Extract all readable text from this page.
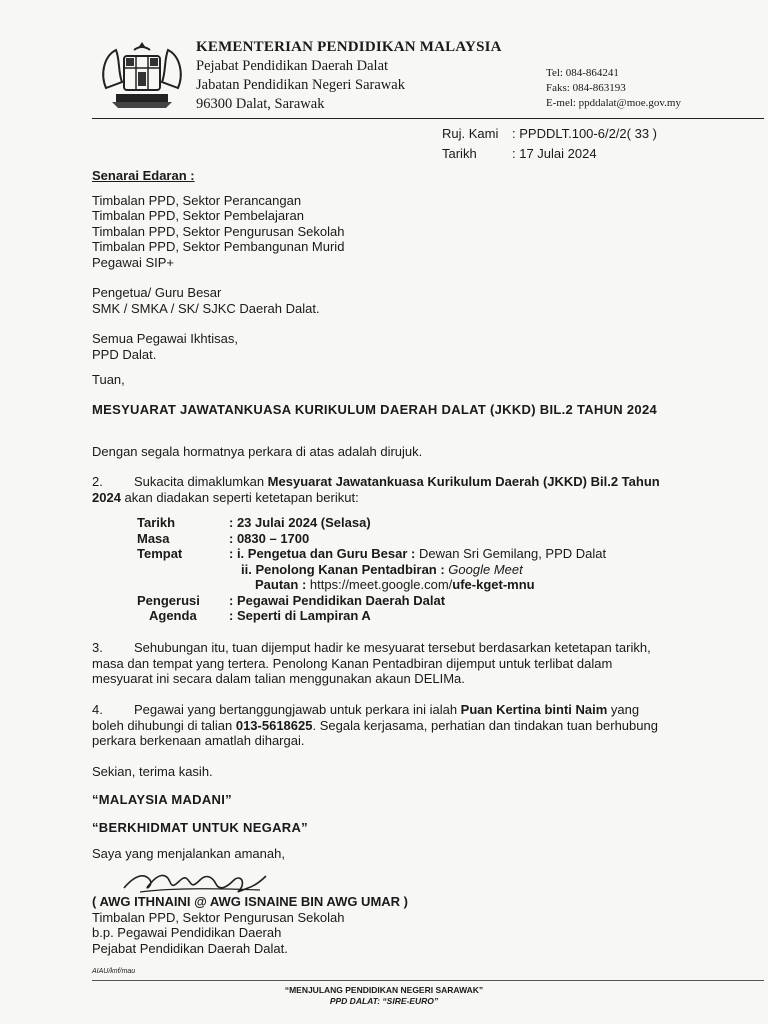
KEMENTERIAN PENDIDIKAN MALAYSIA
Pejabat Pendidikan Daerah Dalat
Jabatan Pendidikan Negeri Sarawak
96300 Dalat, Sarawak
Tel: 084-864241
Faks: 084-863193
E-mel: ppddalat@moe.gov.my
Ruj. Kami : PPDDLT.100-6/2/2( 33 )
Tarikh	: 17 Julai 2024
Senarai Edaran :
Timbalan PPD, Sektor Perancangan
Timbalan PPD, Sektor Pembelajaran
Timbalan PPD, Sektor Pengurusan Sekolah
Timbalan PPD, Sektor Pembangunan Murid
Pegawai SIP+
Pengetua/ Guru Besar
SMK / SMKA / SK/ SJKC Daerah Dalat.
Semua Pegawai Ikhtisas,
PPD Dalat.
Tuan,
MESYUARAT JAWATANKUASA KURIKULUM DAERAH DALAT (JKKD) BIL.2 TAHUN 2024
Dengan segala hormatnya perkara di atas adalah dirujuk.
2. Sukacita dimaklumkan Mesyuarat Jawatankuasa Kurikulum Daerah (JKKD) Bil.2 Tahun 2024 akan diadakan seperti ketetapan berikut:
Tarikh	: 23 Julai 2024 (Selasa)
Masa	: 0830 – 1700
Tempat	: i. Pengetua dan Guru Besar : Dewan Sri Gemilang, PPD Dalat
ii. Penolong Kanan Pentadbiran : Google Meet
Pautan : https://meet.google.com/ufe-kget-mnu
Pengerusi : Pegawai Pendidikan Daerah Dalat
Agenda : Seperti di Lampiran A
3. Sehubungan itu, tuan dijemput hadir ke mesyuarat tersebut berdasarkan ketetapan tarikh, masa dan tempat yang tertera. Penolong Kanan Pentadbiran dijemput untuk terlibat dalam mesyuarat ini secara dalam talian menggunakan akaun DELIMa.
4. Pegawai yang bertanggungjawab untuk perkara ini ialah Puan Kertina binti Naim yang boleh dihubungi di talian 013-5618625. Segala kerjasama, perhatian dan tindakan tuan berhubung perkara berkenaan amatlah dihargai.
Sekian, terima kasih.
“MALAYSIA MADANI”
“BERKHIDMAT UNTUK NEGARA”
Saya yang menjalankan amanah,
( AWG ITHNAINI @ AWG ISNAINE BIN AWG UMAR )
Timbalan PPD, Sektor Pengurusan Sekolah
b.p. Pegawai Pendidikan Daerah
Pejabat Pendidikan Daerah Dalat.
AIAU/knf/mau
“MENJULANG PENDIDIKAN NEGERI SARAWAK”
PPD DALAT: “SIRE-EURO”
